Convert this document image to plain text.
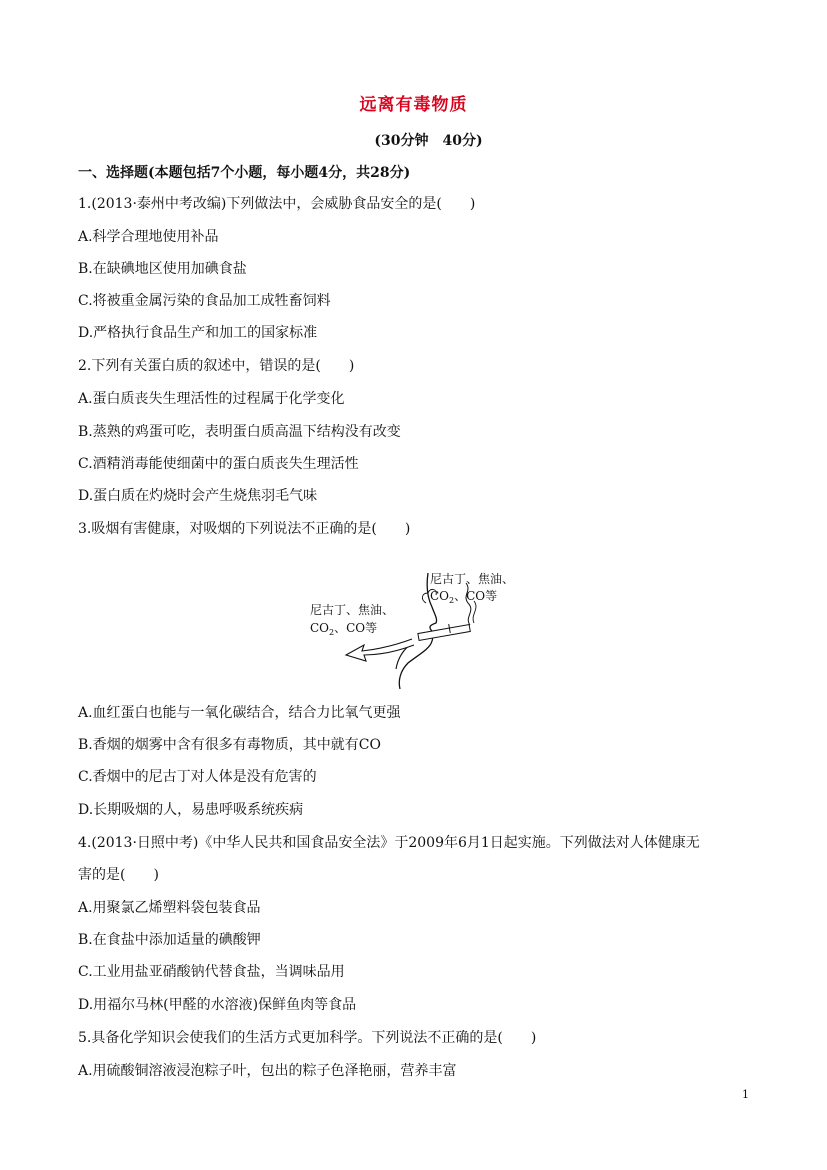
远离有毒物质
(30分钟　40分)
一、选择题(本题包括7个小题，每小题4分，共28分)
1.(2013·泰州中考改编)下列做法中，会威胁食品安全的是(　　)
A.科学合理地使用补品
B.在缺碘地区使用加碘食盐
C.将被重金属污染的食品加工成牲畜饲料
D.严格执行食品生产和加工的国家标准
2.下列有关蛋白质的叙述中，错误的是(　　)
A.蛋白质丧失生理活性的过程属于化学变化
B.蒸熟的鸡蛋可吃，表明蛋白质高温下结构没有改变
C.酒精消毒能使细菌中的蛋白质丧失生理活性
D.蛋白质在灼烧时会产生烧焦羽毛气味
3.吸烟有害健康，对吸烟的下列说法不正确的是(　　)
尼古丁、焦油、
$CO_2$、CO等
尼古丁、焦油、
$CO_2$、CO等
A.血红蛋白也能与一氧化碳结合，结合力比氧气更强
B.香烟的烟雾中含有很多有毒物质，其中就有CO
C.香烟中的尼古丁对人体是没有危害的
D.长期吸烟的人，易患呼吸系统疾病
4.(2013·日照中考)《中华人民共和国食品安全法》于2009年6月1日起实施。下列做法对人体健康无
害的是(　　)
A.用聚氯乙烯塑料袋包装食品
B.在食盐中添加适量的碘酸钾
C.工业用盐亚硝酸钠代替食盐，当调味品用
D.用福尔马林(甲醛的水溶液)保鲜鱼肉等食品
5.具备化学知识会使我们的生活方式更加科学。下列说法不正确的是(　　)
A.用硫酸铜溶液浸泡粽子叶，包出的粽子色泽艳丽，营养丰富
1
